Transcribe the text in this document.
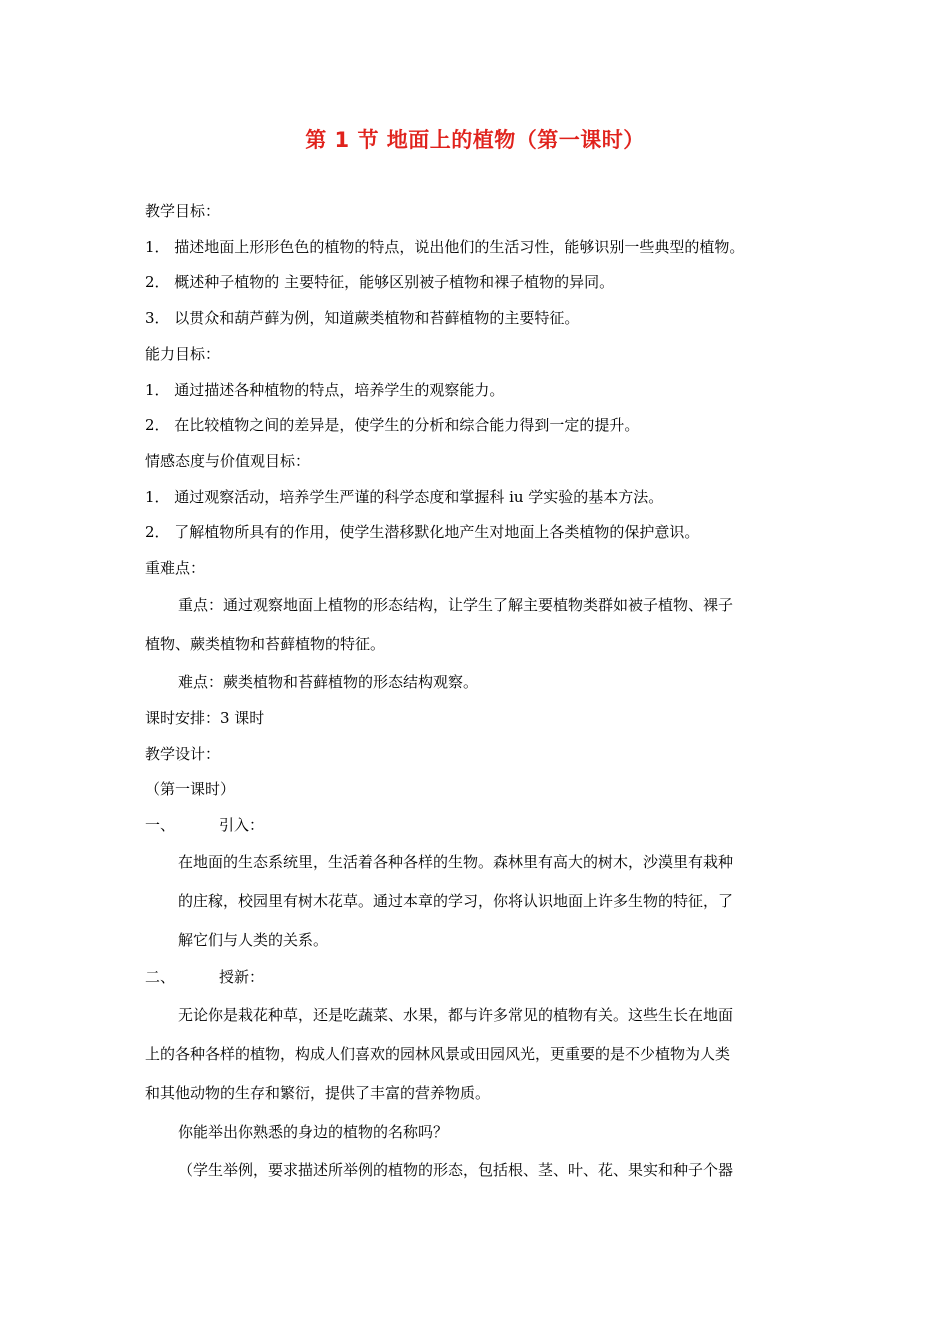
第 1 节 地面上的植物（第一课时）
教学目标：
1． 描述地面上形形色色的植物的特点，说出他们的生活习性，能够识别一些典型的植物。
2． 概述种子植物的 主要特征，能够区别被子植物和裸子植物的异同。
3． 以贯众和葫芦藓为例，知道蕨类植物和苔藓植物的主要特征。
能力目标：
1． 通过描述各种植物的特点，培养学生的观察能力。
2． 在比较植物之间的差异是，使学生的分析和综合能力得到一定的提升。
情感态度与价值观目标：
1． 通过观察活动，培养学生严谨的科学态度和掌握科 iu 学实验的基本方法。
2． 了解植物所具有的作用，使学生潜移默化地产生对地面上各类植物的保护意识。
重难点：
重点：通过观察地面上植物的形态结构，让学生了解主要植物类群如被子植物、裸子
植物、蕨类植物和苔藓植物的特征。
难点：蕨类植物和苔藓植物的形态结构观察。
课时安排：3 课时
教学设计：
（第一课时）
一、	引入：
在地面的生态系统里，生活着各种各样的生物。森林里有高大的树木，沙漠里有栽种
的庄稼，校园里有树木花草。通过本章的学习，你将认识地面上许多生物的特征，了
解它们与人类的关系。
二、	授新：
无论你是栽花种草，还是吃蔬菜、水果，都与许多常见的植物有关。这些生长在地面
上的各种各样的植物，构成人们喜欢的园林风景或田园风光，更重要的是不少植物为人类
和其他动物的生存和繁衍，提供了丰富的营养物质。
你能举出你熟悉的身边的植物的名称吗？
（学生举例，要求描述所举例的植物的形态，包括根、茎、叶、花、果实和种子个器
